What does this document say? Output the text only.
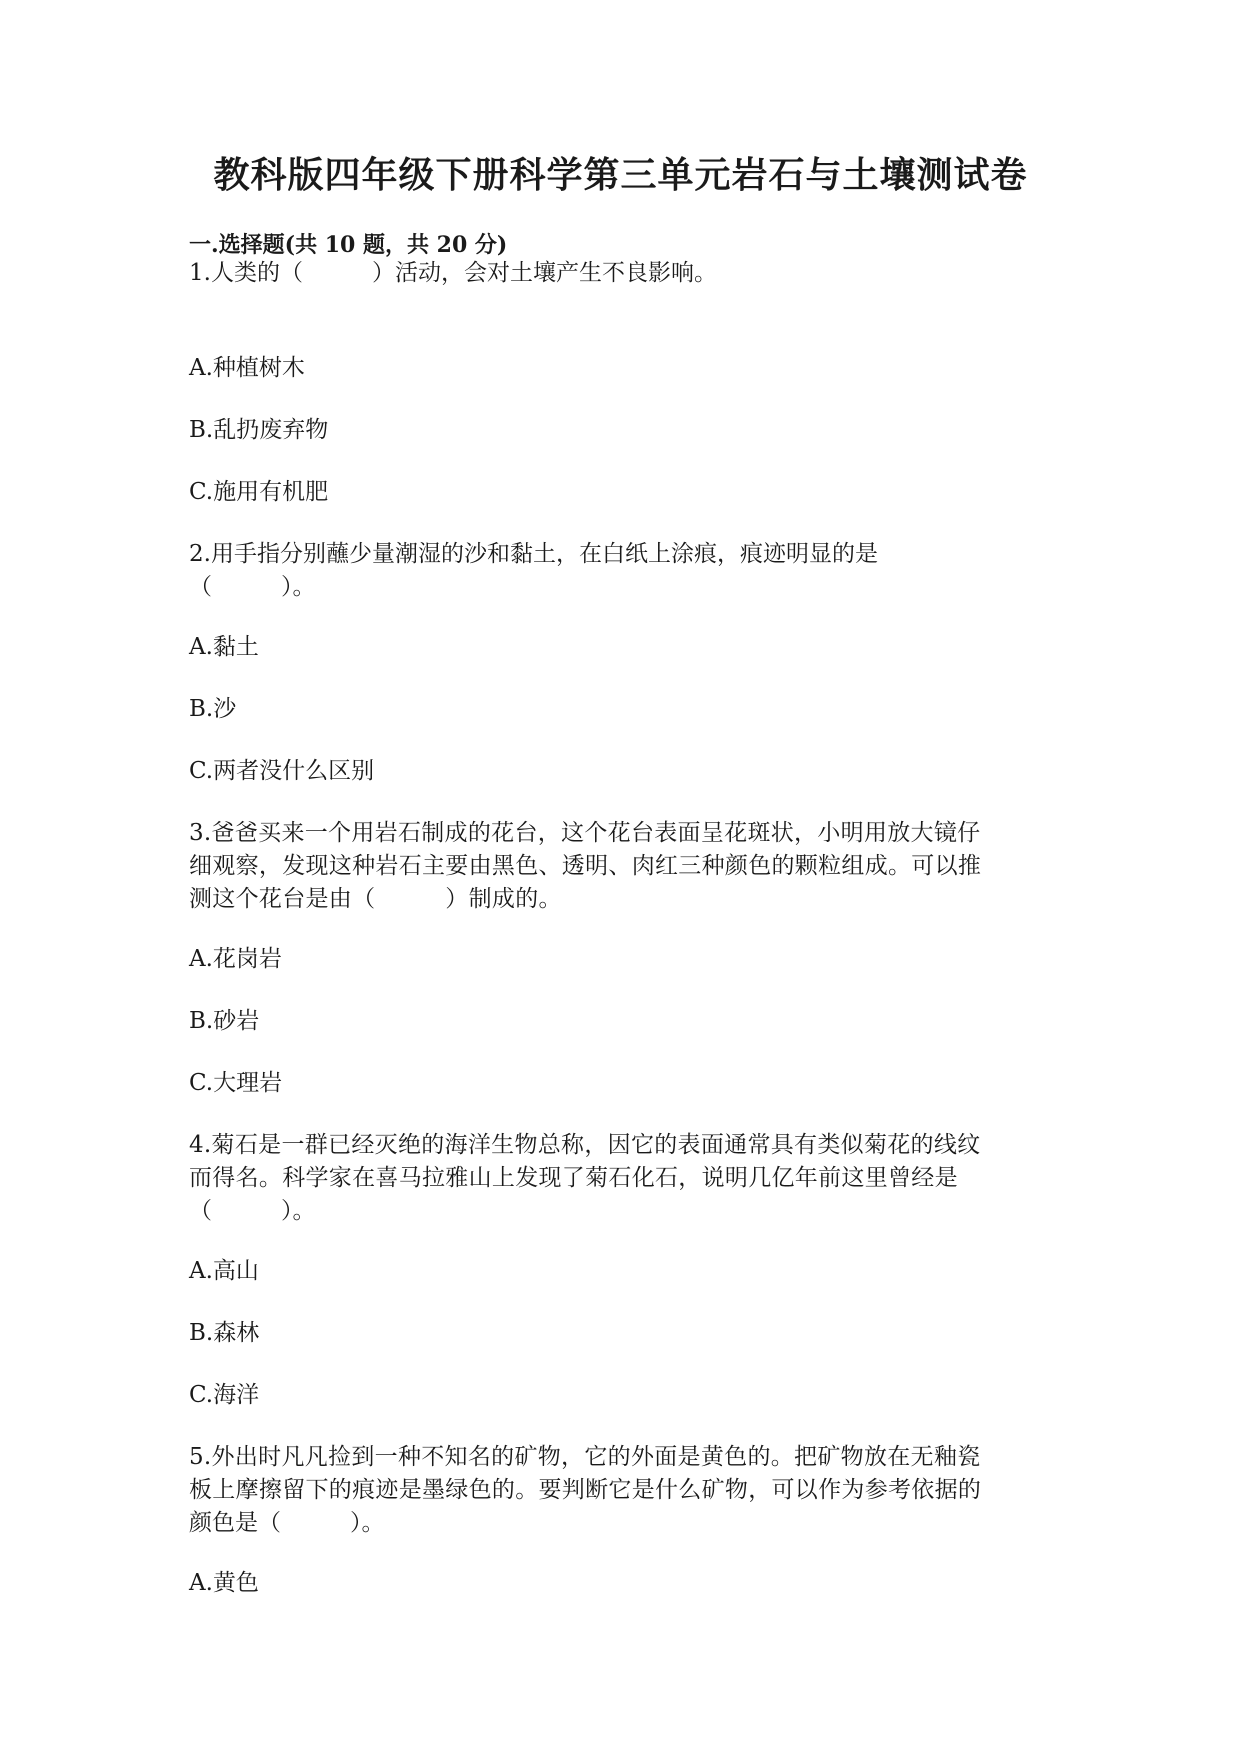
教科版四年级下册科学第三单元岩石与土壤测试卷
一.选择题(共 10 题，共 20 分)
1.人类的（　　　）活动，会对土壤产生不良影响。
A.种植树木
B.乱扔废弃物
C.施用有机肥
2.用手指分别蘸少量潮湿的沙和黏土，在白纸上涂痕，痕迹明显的是
（　　　）。
A.黏土
B.沙
C.两者没什么区别
3.爸爸买来一个用岩石制成的花台，这个花台表面呈花斑状，小明用放大镜仔
细观察，发现这种岩石主要由黑色、透明、肉红三种颜色的颗粒组成。可以推
测这个花台是由（　　　）制成的。
A.花岗岩
B.砂岩
C.大理岩
4.菊石是一群已经灭绝的海洋生物总称，因它的表面通常具有类似菊花的线纹
而得名。科学家在喜马拉雅山上发现了菊石化石，说明几亿年前这里曾经是
（　　　）。
A.高山
B.森林
C.海洋
5.外出时凡凡捡到一种不知名的矿物，它的外面是黄色的。把矿物放在无釉瓷
板上摩擦留下的痕迹是墨绿色的。要判断它是什么矿物，可以作为参考依据的
颜色是（　　　）。
A.黄色
